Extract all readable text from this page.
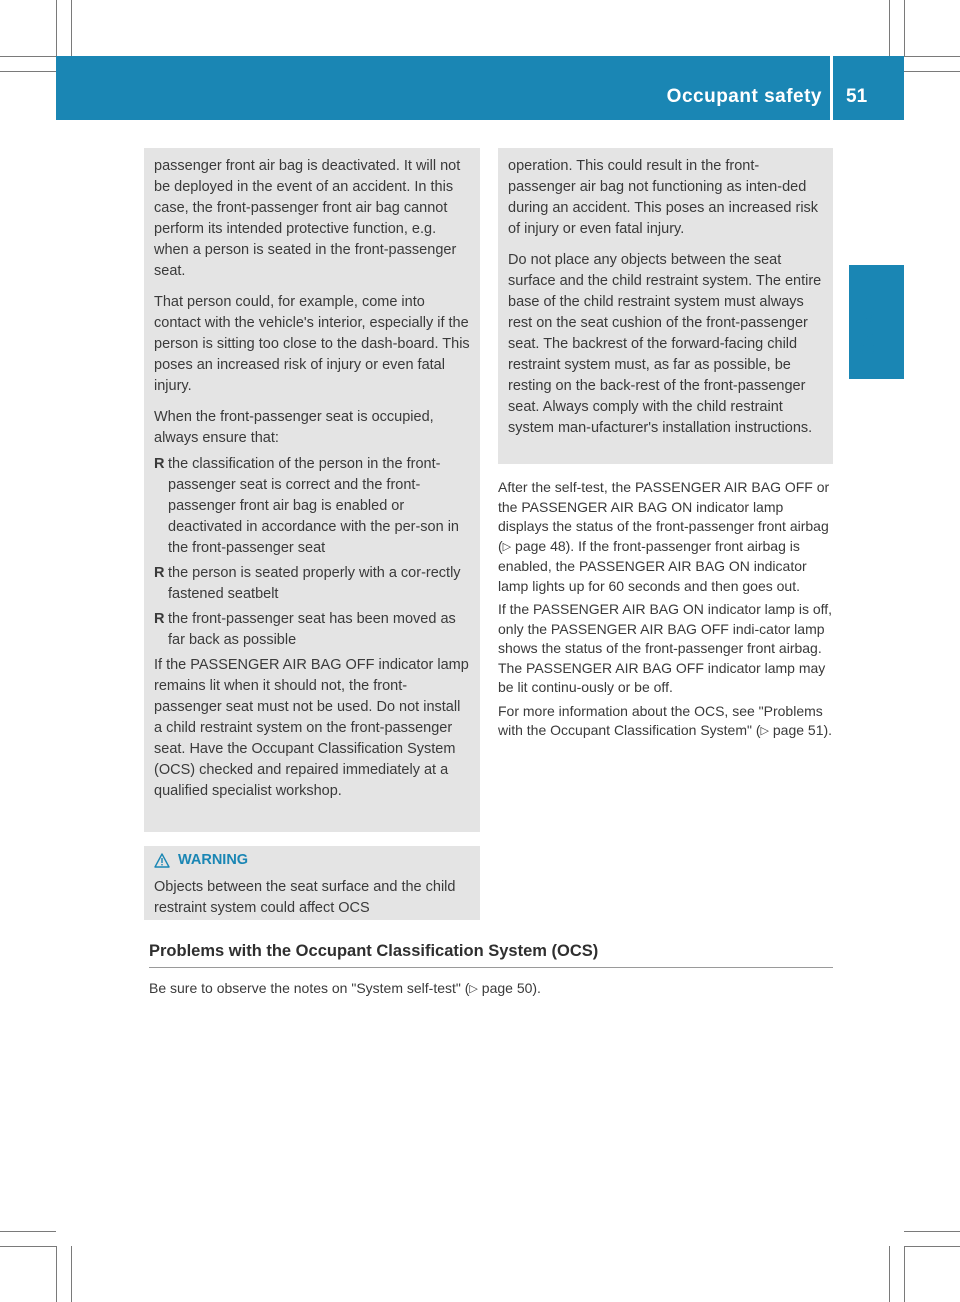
Occupant safety 51
Safety

passenger front air bag is deactivated. It will not be deployed in the event of an accident. In this case, the front-passenger front air bag cannot perform its intended protective function, e.g. when a person is seated in the front-passenger seat.

That person could, for example, come into contact with the vehicle's interior, especially if the person is sitting too close to the dash-board. This poses an increased risk of injury or even fatal injury.

When the front-passenger seat is occupied, always ensure that:

R the classification of the person in the front-passenger seat is correct and the front-passenger front air bag is enabled or deactivated in accordance with the per-son in the front-passenger seat
R the person is seated properly with a cor-rectly fastened seatbelt
R the front-passenger seat has been moved as far back as possible

If the PASSENGER AIR BAG OFF indicator lamp remains lit when it should not, the front-passenger seat must not be used. Do not install a child restraint system on the front-passenger seat. Have the Occupant Classification System (OCS) checked and repaired immediately at a qualified specialist workshop.

WARNING

Objects between the seat surface and the child restraint system could affect OCS

operation. This could result in the front-passenger air bag not functioning as inten-ded during an accident. This poses an increased risk of injury or even fatal injury.

Do not place any objects between the seat surface and the child restraint system. The entire base of the child restraint system must always rest on the seat cushion of the front-passenger seat. The backrest of the forward-facing child restraint system must, as far as possible, be resting on the back-rest of the front-passenger seat. Always comply with the child restraint system man-ufacturer's installation instructions.

After the self-test, the PASSENGER AIR BAG OFF or the PASSENGER AIR BAG ON indicator lamp displays the status of the front-passenger front airbag (▷ page 48). If the front-passenger front airbag is enabled, the PASSENGER AIR BAG ON indicator lamp lights up for 60 seconds and then goes out.

If the PASSENGER AIR BAG ON indicator lamp is off, only the PASSENGER AIR BAG OFF indi-cator lamp shows the status of the front-passenger front airbag. The PASSENGER AIR BAG OFF indicator lamp may be lit continu-ously or be off.

For more information about the OCS, see "Problems with the Occupant Classification System" (▷ page 51).

Problems with the Occupant Classification System (OCS)
Be sure to observe the notes on "System self-test" (▷ page 50).
